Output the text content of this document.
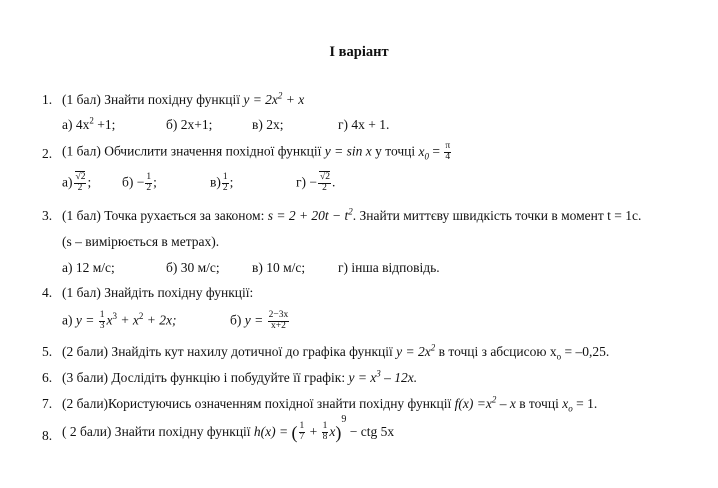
І варіант
1. (1 бал) Знайти похідну функції $y = 2x^2 + x$
а) $4x^2 +1$;	б) 2x+1;	в) 2x;	г) 4x + 1.
2. (1 бал) Обчислити значення похідної функції y = sin x у точці $x_0 = \frac{\pi}{4}$
$а) \frac{√2}{2}$ ; $б) - \frac{1}{2}$ ;	$в) \frac{1}{2}$ ;	$г) - \frac{√2}{2}$ .
3. (1 бал) Точка рухається за законом: $s = 2 + 20t - t^2$. Знайти миттєву швидкість точки в момент t = 1с.
(s – вимірюється в метрах).
а) 12 м/с;	б) 30 м/с; в) 10 м/с; г) інша відповідь.
4. (1 бал) Знайдіть похідну функції:
а) $y = \frac{1}{3} x^3 + x^2 + 2x$;	б) $y = \frac{2-3x}{x+2}$
5. (2 бали) Знайдіть кут нахилу дотичної до графіка функції $y = 2x^2$ в точці з абсцисою $x_o = -0,25$.
6. (3 бали) Дослідіть функцію і побудуйте її графік: $y = x^3 - 12x$.
7. (2 бали)Користуючись означенням похідної знайти похідну функції $f(x) =x^2 - x$ в точці $x_o = 1$.
8. ( 2 бали) Знайти похідну функції h(x) = ( $\frac{1}{7} + \frac{1}{8} x)^9$ − ctg 5x
